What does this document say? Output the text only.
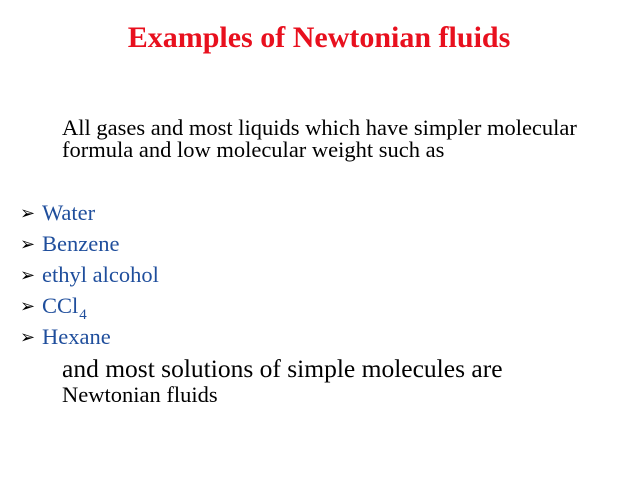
Examples of Newtonian fluids

All gases and most liquids which have simpler molecular formula and low molecular weight such as

➢ Water
➢ Benzene
➢ ethyl alcohol
➢ CCl$_4$
➢ Hexane

and most solutions of simple molecules are
Newtonian fluids
